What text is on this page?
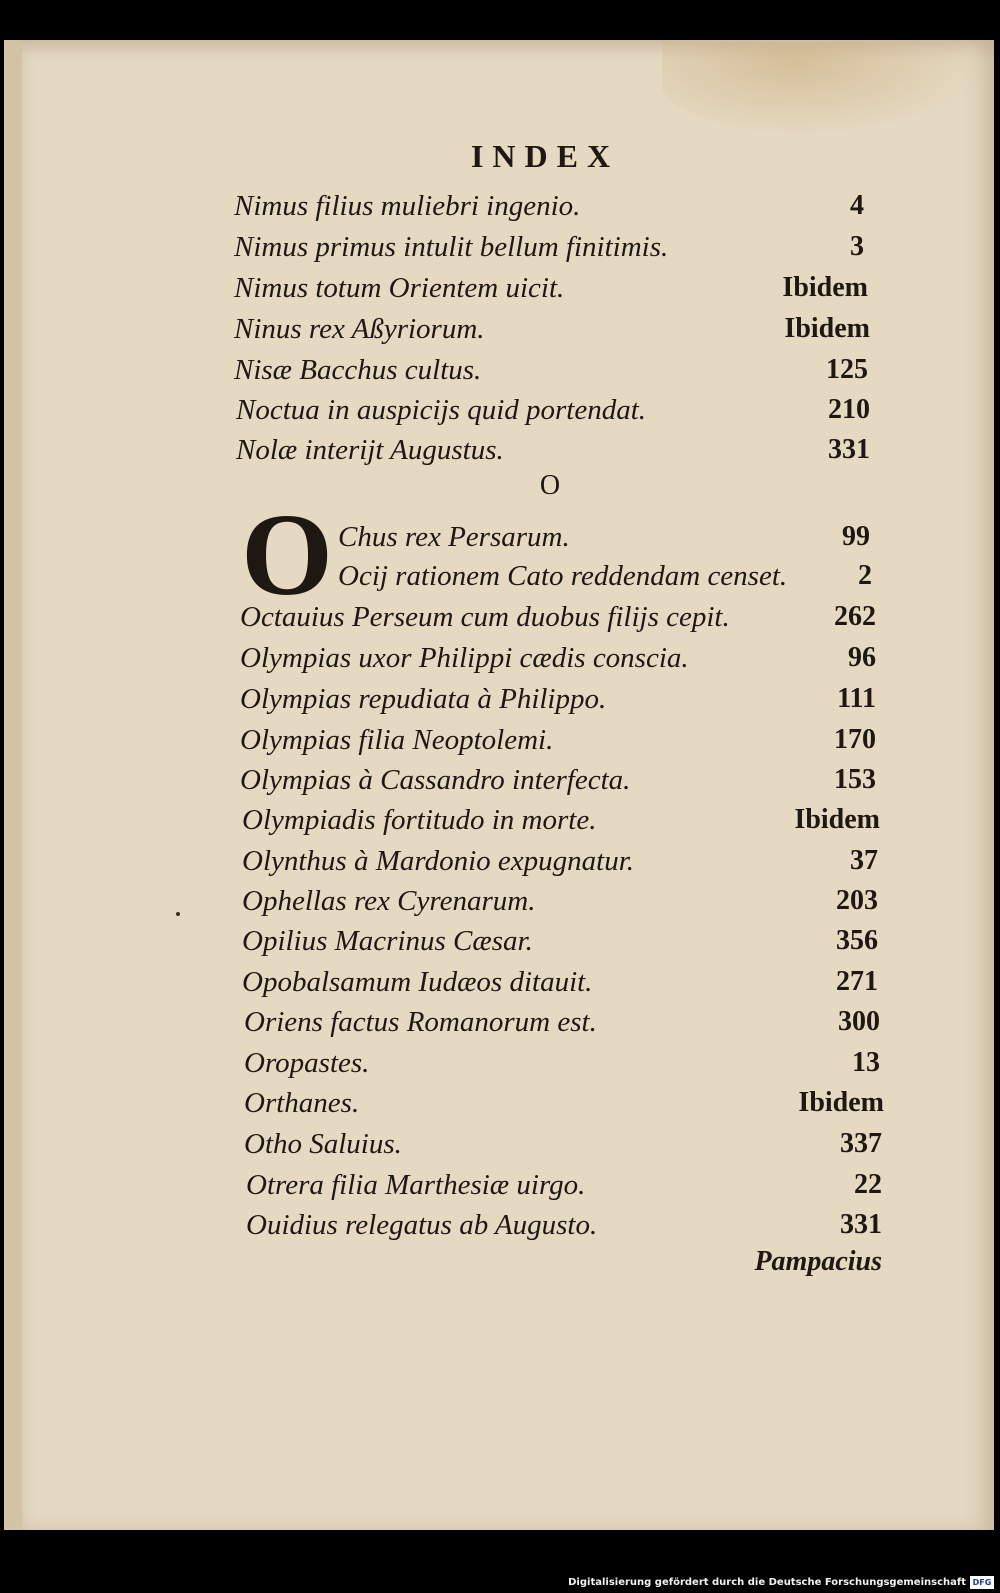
INDEX
Nimus filius muliebri ingenio.	4
Nimus primus intulit bellum finitimis.	3
Nimus totum Orientem uicit.	Ibidem
Ninus rex Aßyriorum.	Ibidem
Nisæ Bacchus cultus.	125
Noctua in auspicijs quid portendat.	210
Nolæ interijt Augustus.	331
O
O Chus rex Persarum.	99
Ocij rationem Cato reddendam censet.	2
Octauius Perseum cum duobus filijs cepit.	262
Olympias uxor Philippi cædis conscia.	96
Olympias repudiata à Philippo.	111
Olympias filia Neoptolemi.	170
Olympias à Cassandro interfecta.	153
Olympiadis fortitudo in morte.	Ibidem
Olynthus à Mardonio expugnatur.	37
Ophellas rex Cyrenarum.	203
Opilius Macrinus Cæsar.	356
Opobalsamum Iudæos ditauit.	271
Oriens factus Romanorum est.	300
Oropastes.	13
Orthanes.	Ibidem
Otho Saluius.	337
Otrera filia Marthesiæ uirgo.	22
Ouidius relegatus ab Augusto.	331
Pampacius
Digitalisierung gefördert durch die Deutsche Forschungsgemeinschaft DFG
